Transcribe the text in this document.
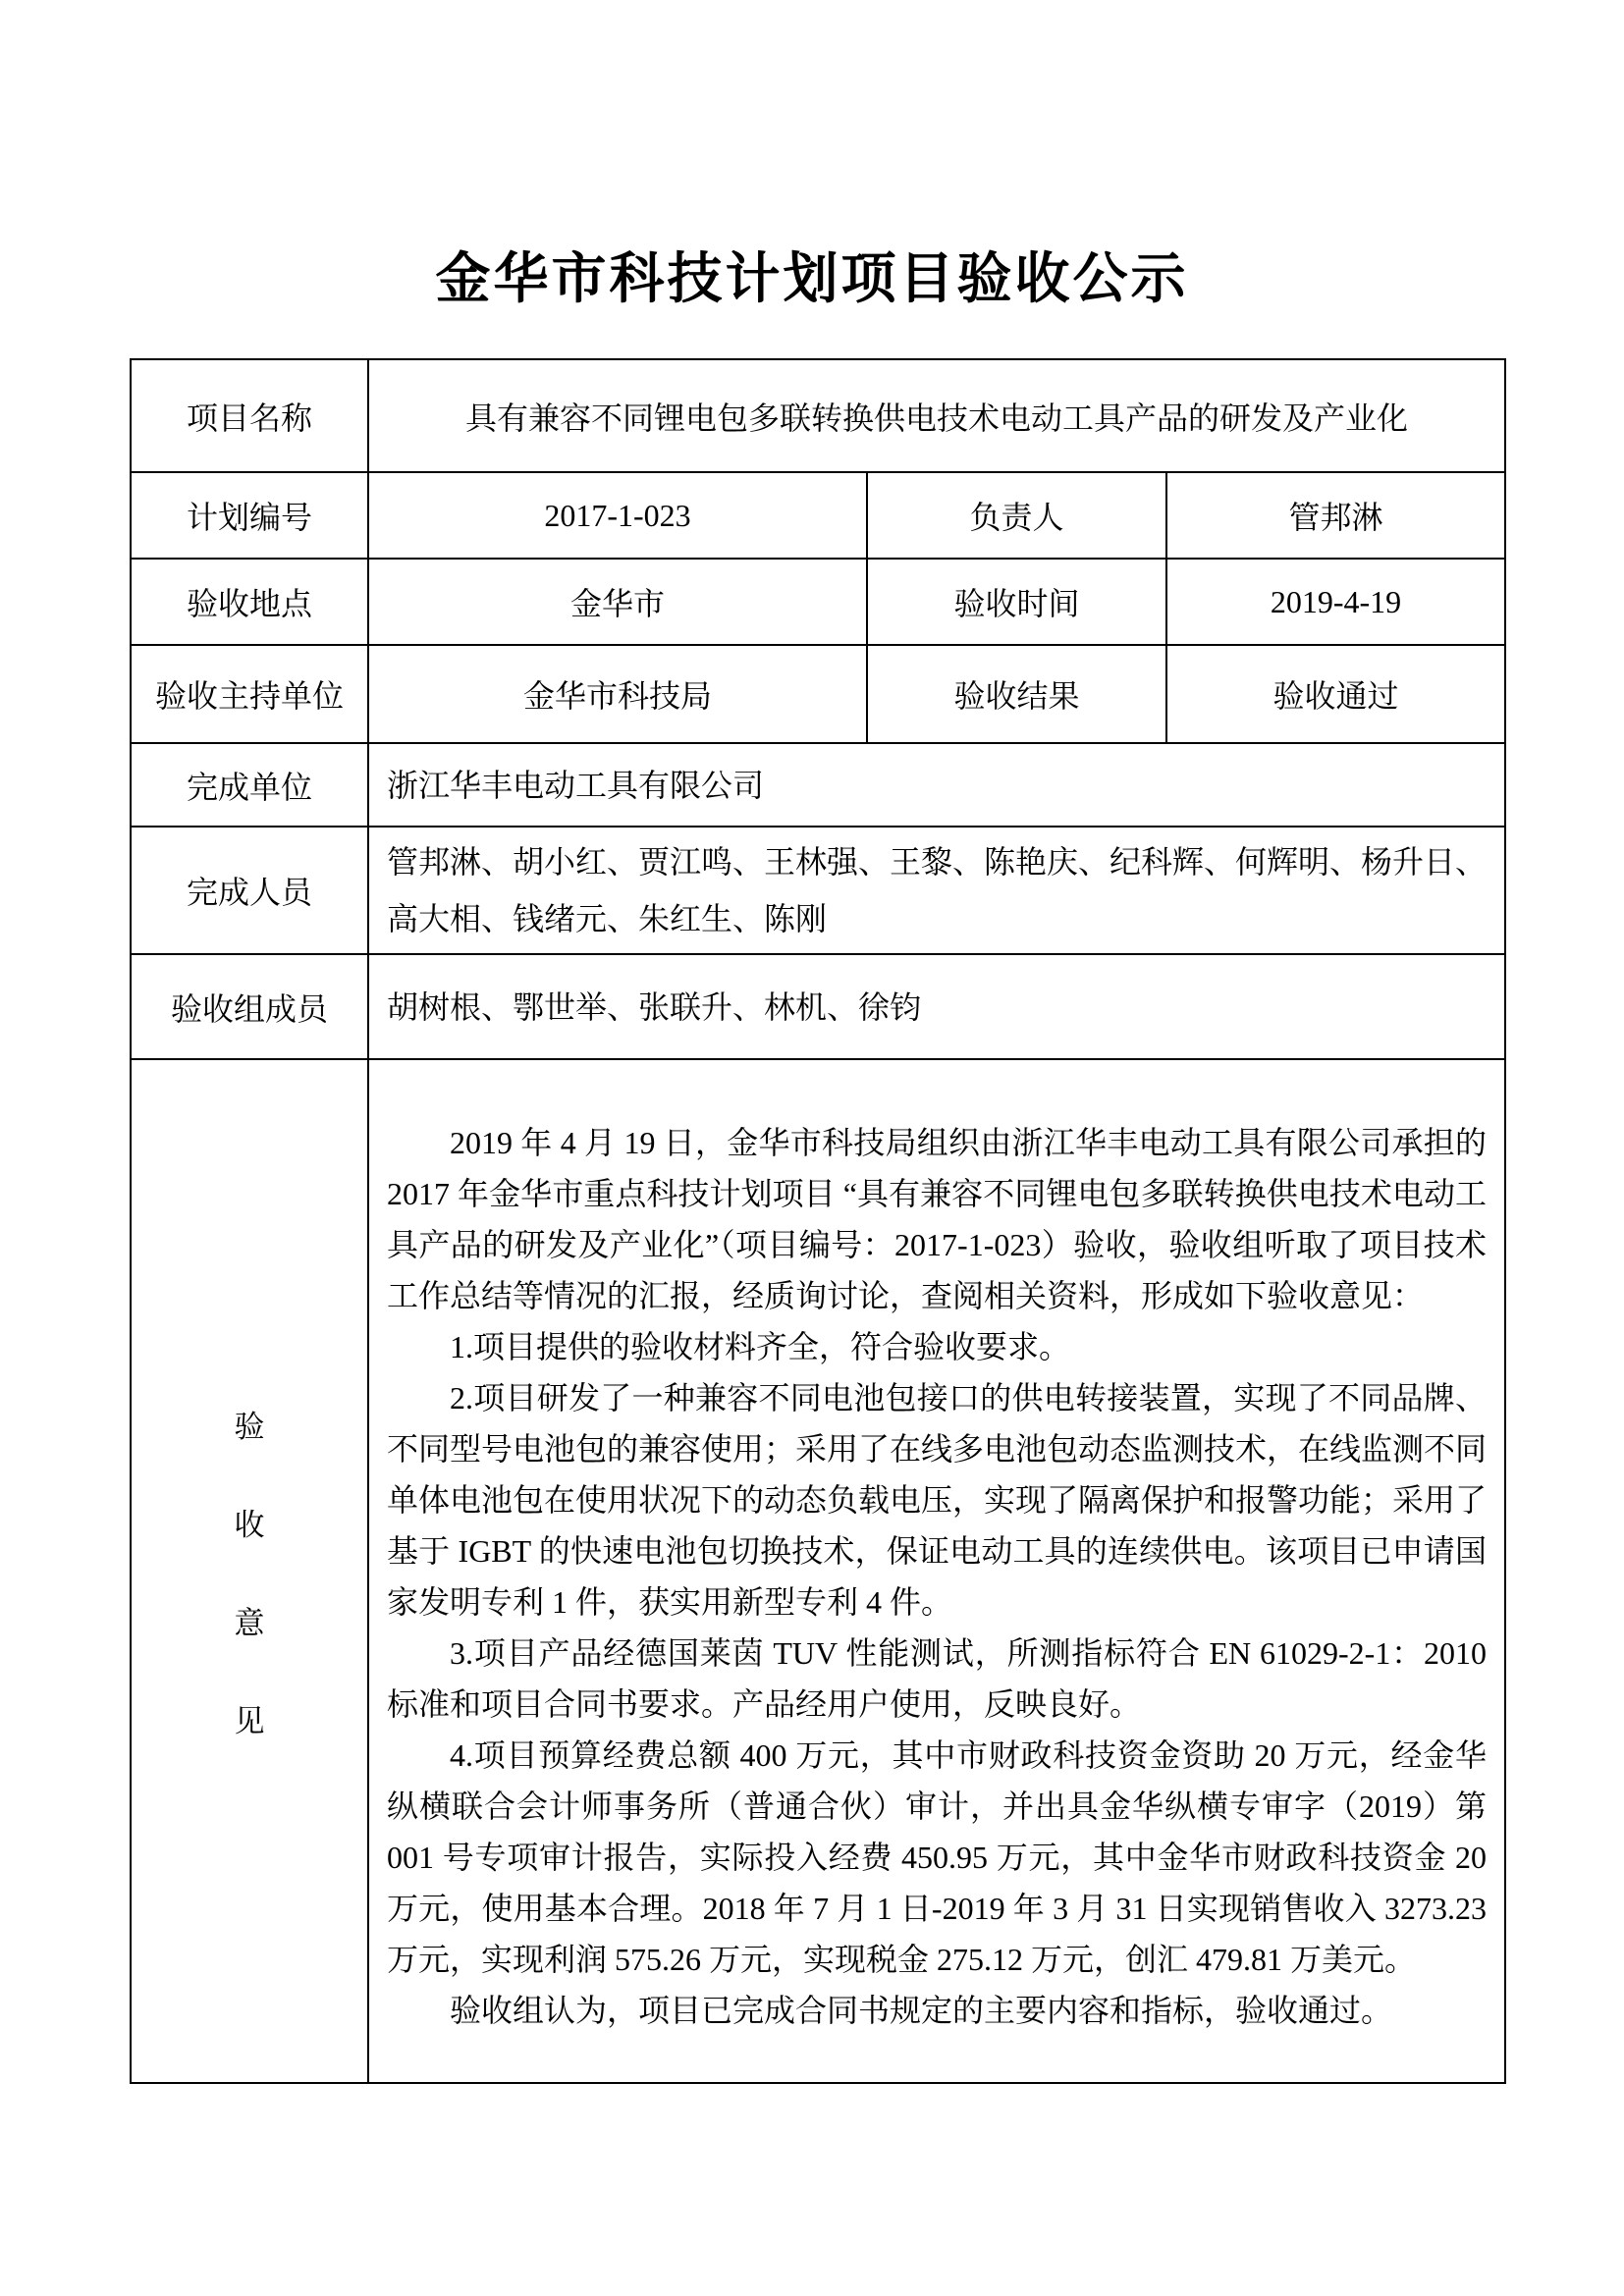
金华市科技计划项目验收公示
项目名称	具有兼容不同锂电包多联转换供电技术电动工具产品的研发及产业化		
计划编号	2017-1-023	负责人	管邦淋
验收地点	金华市	验收时间	2019-4-19
验收主持单位	金华市科技局	验收结果	验收通过
完成单位	浙江华丰电动工具有限公司		
完成人员	管邦淋、胡小红、贾江鸣、王林强、王黎、陈艳庆、纪科辉、何辉明、杨升日、高大相、钱绪元、朱红生、陈刚		
验收组成员	胡树根、鄂世举、张联升、林机、徐钧		

验
收
意
见

2019 年 4 月 19 日，金华市科技局组织由浙江华丰电动工具有限公司承担的 2017 年金华市重点科技计划项目 “具有兼容不同锂电包多联转换供电技术电动工具产品的研发及产业化”（项目编号：2017-1-023）验收，验收组听取了项目技术工作总结等情况的汇报，经质询讨论，查阅相关资料，形成如下验收意见：

1.项目提供的验收材料齐全，符合验收要求。

2.项目研发了一种兼容不同电池包接口的供电转接装置，实现了不同品牌、不同型号电池包的兼容使用；采用了在线多电池包动态监测技术，在线监测不同单体电池包在使用状况下的动态负载电压，实现了隔离保护和报警功能；采用了基于 IGBT 的快速电池包切换技术，保证电动工具的连续供电。该项目已申请国家发明专利 1 件，获实用新型专利 4 件。

3.项目产品经德国莱茵 TUV 性能测试，所测指标符合 EN 61029-2-1：2010 标准和项目合同书要求。产品经用户使用，反映良好。

4.项目预算经费总额 400 万元，其中市财政科技资金资助 20 万元，经金华纵横联合会计师事务所（普通合伙）审计，并出具金华纵横专审字（2019）第 001 号专项审计报告，实际投入经费 450.95 万元，其中金华市财政科技资金 20 万元，使用基本合理。2018 年 7 月 1 日-2019 年 3 月 31 日实现销售收入 3273.23 万元，实现利润 575.26 万元，实现税金 275.12 万元，创汇 479.81 万美元。

验收组认为，项目已完成合同书规定的主要内容和指标，验收通过。
